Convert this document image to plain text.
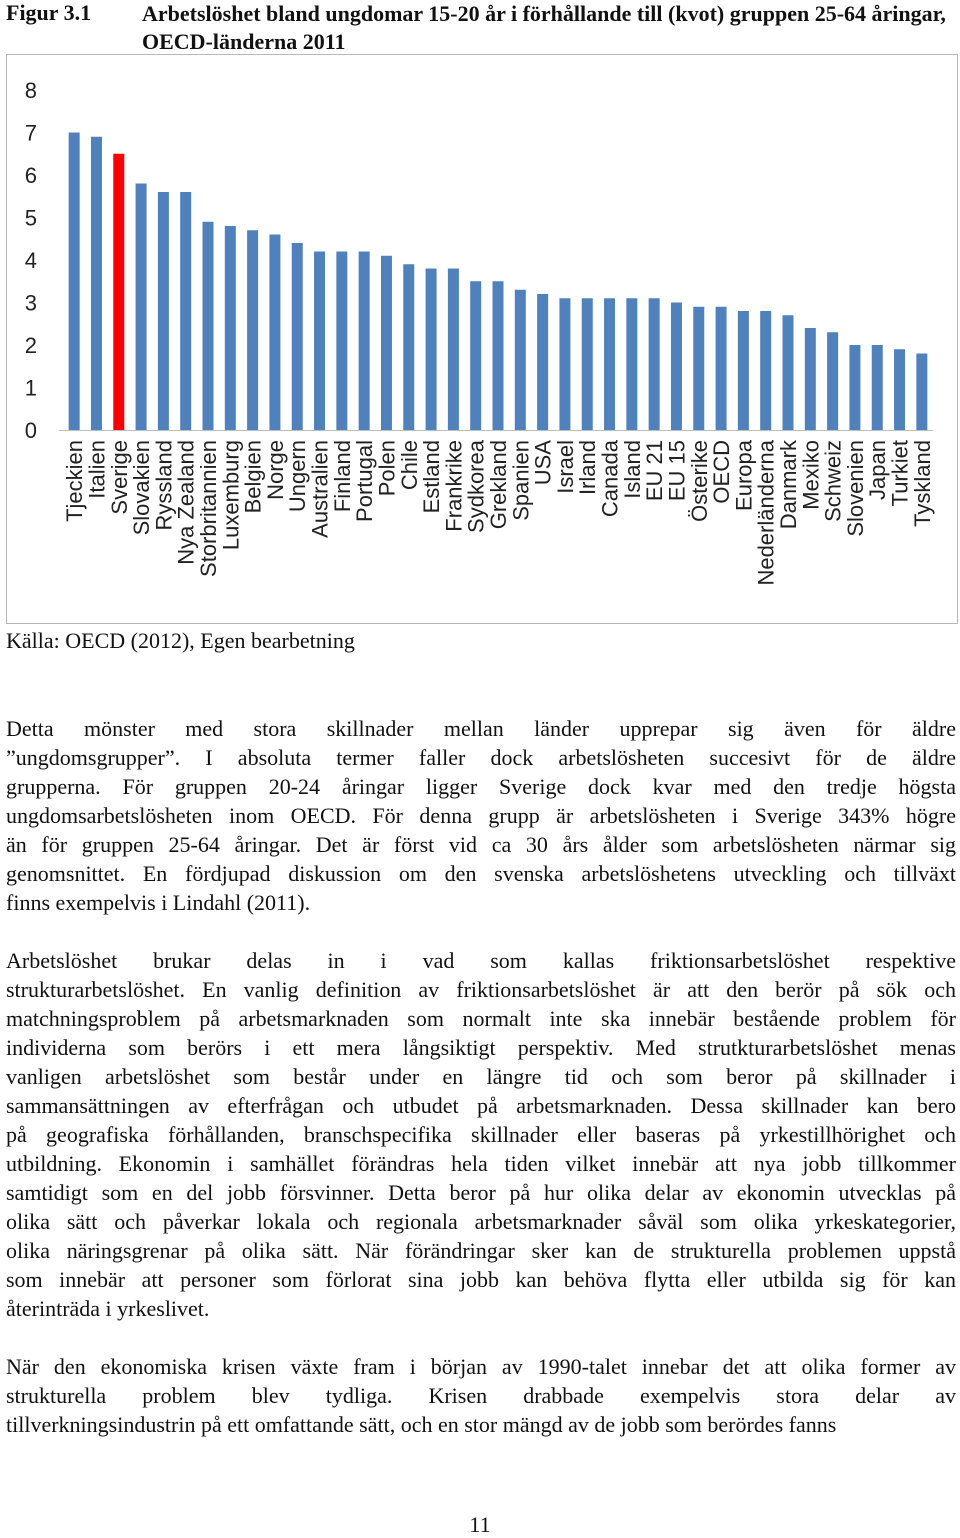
Figur 3.1 Arbetslöshet bland ungdomar 15-20 år i förhållande till (kvot) gruppen 25-64 åringar, OECD-länderna 2011
0
1
2
3
4
5
6
7
8
Tjeckien
Italien
Sverige
Slovakien
Ryssland
Nya Zealand
Storbritannien
Luxemburg
Belgien
Norge
Ungern
Australien
Finland
Portugal
Polen
Chile
Estland
Frankrike
Sydkorea
Grekland
Spanien
USA
Israel
Irland
Canada
Island
EU 21
EU 15
Österike
OECD
Europa
Nederländerna
Danmark
Mexiko
Schweiz
Slovenien
Japan
Turkiet
Tyskland
Källa: OECD (2012), Egen bearbetning
Detta mönster med stora skillnader mellan länder upprepar sig även för äldre
”ungdomsgrupper”. I absoluta termer faller dock arbetslösheten succesivt för de äldre
grupperna. För gruppen 20-24 åringar ligger Sverige dock kvar med den tredje högsta
ungdomsarbetslösheten inom OECD. För denna grupp är arbetslösheten i Sverige 343% högre
än för gruppen 25-64 åringar. Det är först vid ca 30 års ålder som arbetslösheten närmar sig
genomsnittet. En fördjupad diskussion om den svenska arbetslöshetens utveckling och tillväxt
finns exempelvis i Lindahl (2011).
Arbetslöshet brukar delas in i vad som kallas friktionsarbetslöshet respektive
strukturarbetslöshet. En vanlig definition av friktionsarbetslöshet är att den berör på sök och
matchningsproblem på arbetsmarknaden som normalt inte ska innebär bestående problem för
individerna som berörs i ett mera långsiktigt perspektiv. Med strutkturarbetslöshet menas
vanligen arbetslöshet som består under en längre tid och som beror på skillnader i
sammansättningen av efterfrågan och utbudet på arbetsmarknaden. Dessa skillnader kan bero
på geografiska förhållanden, branschspecifika skillnader eller baseras på yrkestillhörighet och
utbildning. Ekonomin i samhället förändras hela tiden vilket innebär att nya jobb tillkommer
samtidigt som en del jobb försvinner. Detta beror på hur olika delar av ekonomin utvecklas på
olika sätt och påverkar lokala och regionala arbetsmarknader såväl som olika yrkeskategorier,
olika näringsgrenar på olika sätt. När förändringar sker kan de strukturella problemen uppstå
som innebär att personer som förlorat sina jobb kan behöva flytta eller utbilda sig för kan
återinträda i yrkeslivet.
När den ekonomiska krisen växte fram i början av 1990-talet innebar det att olika former av
strukturella problem blev tydliga. Krisen drabbade exempelvis stora delar av
tillverkningsindustrin på ett omfattande sätt, och en stor mängd av de jobb som berördes fanns
11
